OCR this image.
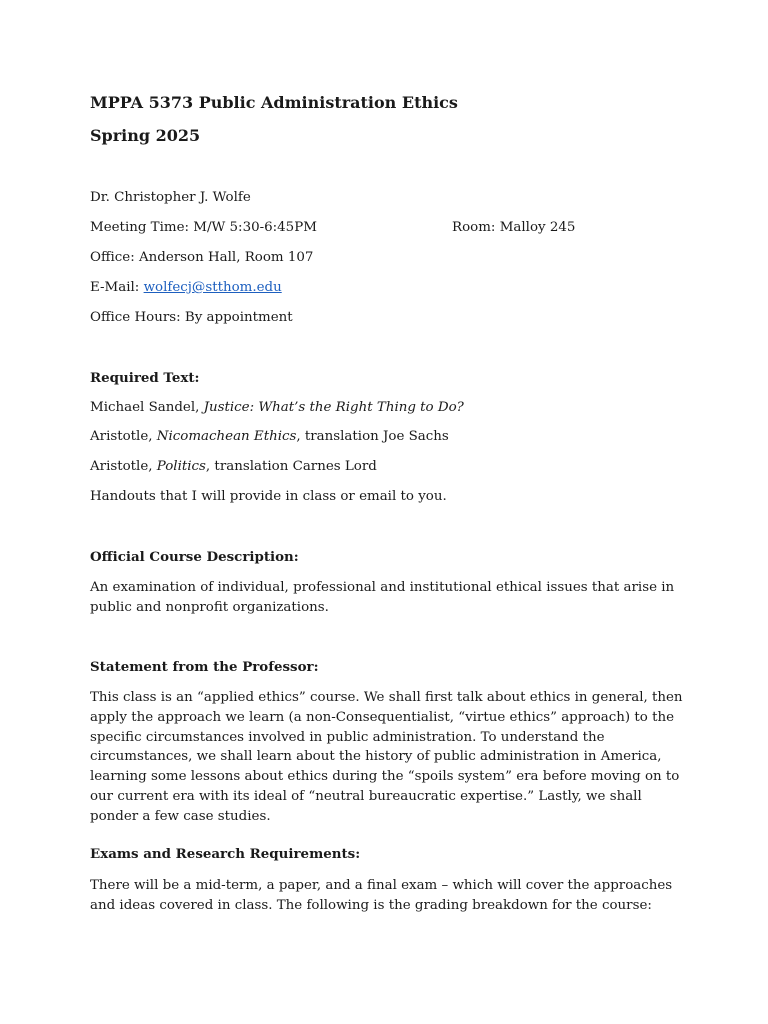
MPPA 5373 Public Administration Ethics
Spring 2025

Dr. Christopher J. Wolfe

Meeting Time: M/W 5:30-6:45PM	Room: Malloy 245

Office: Anderson Hall, Room 107

E-Mail: wolfecj@stthom.edu

Office Hours: By appointment

Required Text:

Michael Sandel, Justice: What’s the Right Thing to Do?

Aristotle, Nicomachean Ethics, translation Joe Sachs

Aristotle, Politics, translation Carnes Lord

Handouts that I will provide in class or email to you.

Official Course Description:

An examination of individual, professional and institutional ethical issues that arise in public and nonprofit organizations.

Statement from the Professor:

This class is an “applied ethics” course. We shall first talk about ethics in general, then apply the approach we learn (a non-Consequentialist, “virtue ethics” approach) to the specific circumstances involved in public administration. To understand the circumstances, we shall learn about the history of public administration in America, learning some lessons about ethics during the “spoils system” era before moving on to our current era with its ideal of “neutral bureaucratic expertise.” Lastly, we shall ponder a few case studies.

Exams and Research Requirements:

There will be a mid-term, a paper, and a final exam – which will cover the approaches and ideas covered in class. The following is the grading breakdown for the course:
